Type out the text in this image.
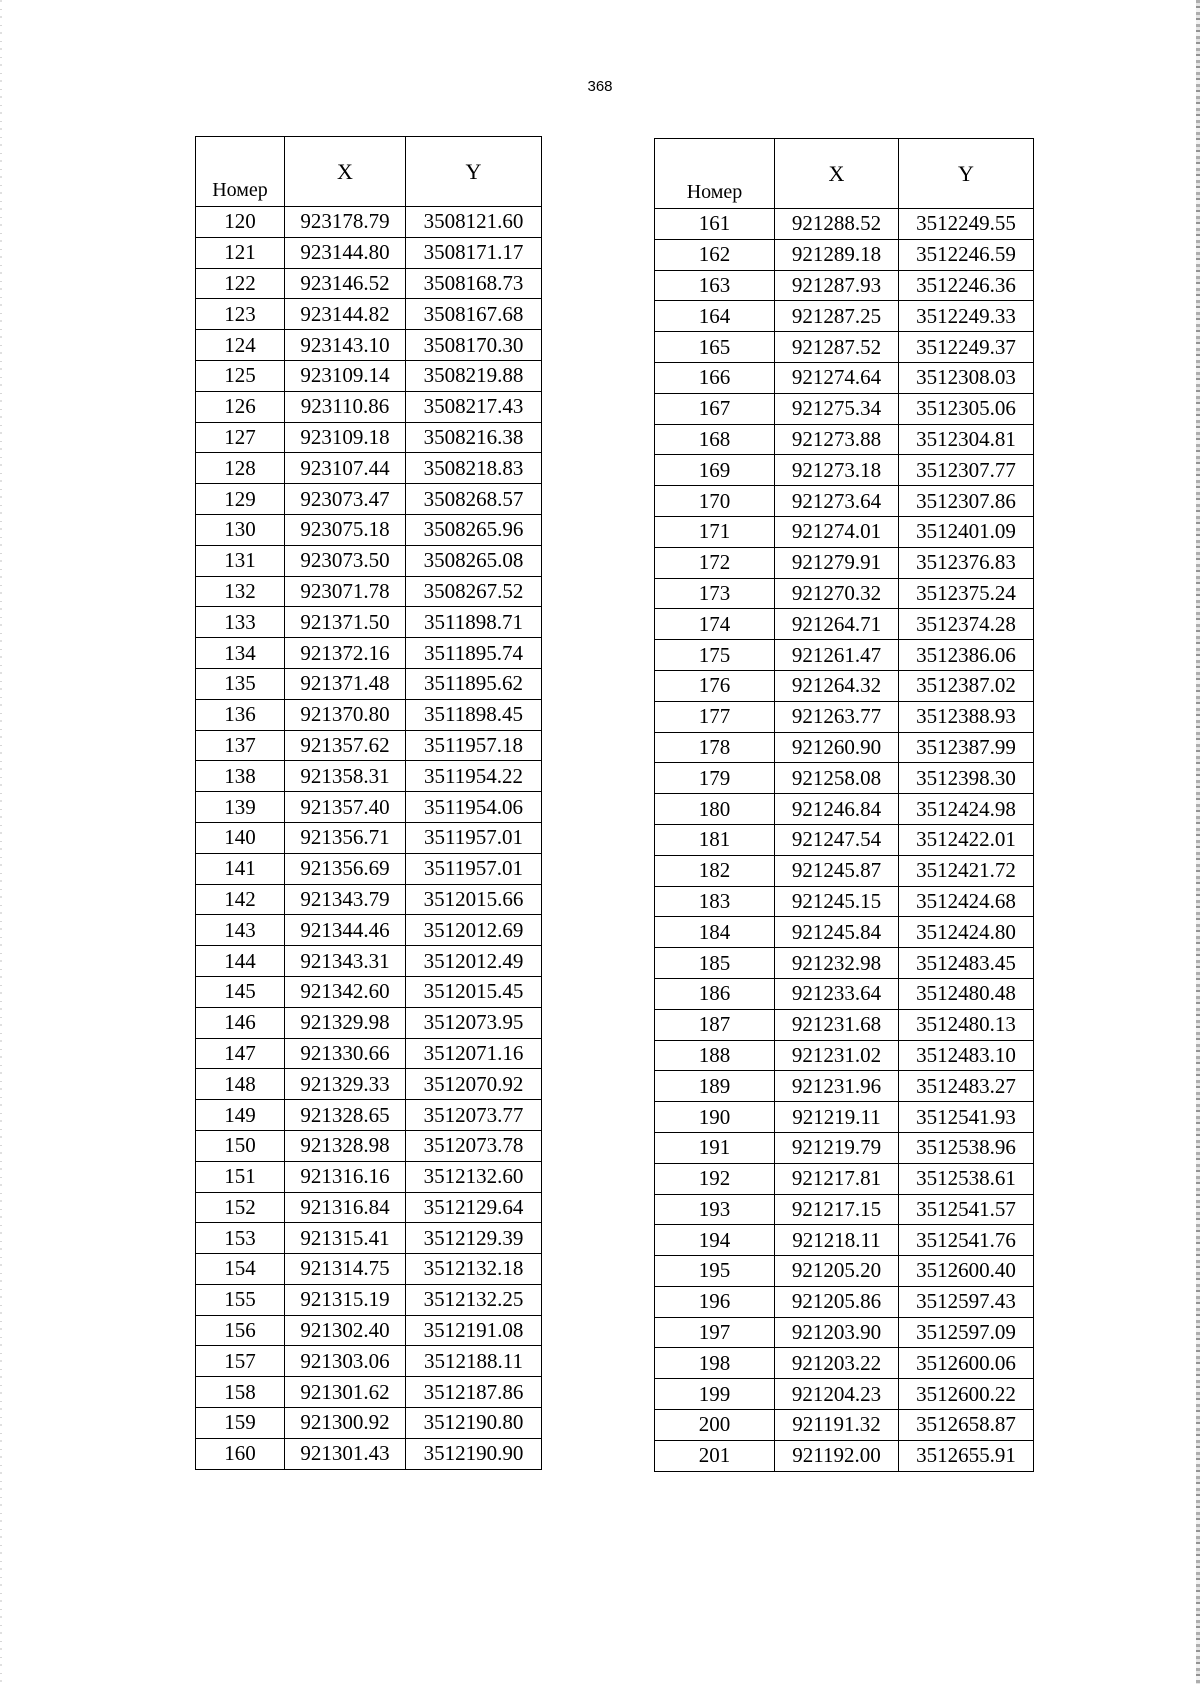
368
Номер	X	Y
120	923178.79	3508121.60
121	923144.80	3508171.17
122	923146.52	3508168.73
123	923144.82	3508167.68
124	923143.10	3508170.30
125	923109.14	3508219.88
126	923110.86	3508217.43
127	923109.18	3508216.38
128	923107.44	3508218.83
129	923073.47	3508268.57
130	923075.18	3508265.96
131	923073.50	3508265.08
132	923071.78	3508267.52
133	921371.50	3511898.71
134	921372.16	3511895.74
135	921371.48	3511895.62
136	921370.80	3511898.45
137	921357.62	3511957.18
138	921358.31	3511954.22
139	921357.40	3511954.06
140	921356.71	3511957.01
141	921356.69	3511957.01
142	921343.79	3512015.66
143	921344.46	3512012.69
144	921343.31	3512012.49
145	921342.60	3512015.45
146	921329.98	3512073.95
147	921330.66	3512071.16
148	921329.33	3512070.92
149	921328.65	3512073.77
150	921328.98	3512073.78
151	921316.16	3512132.60
152	921316.84	3512129.64
153	921315.41	3512129.39
154	921314.75	3512132.18
155	921315.19	3512132.25
156	921302.40	3512191.08
157	921303.06	3512188.11
158	921301.62	3512187.86
159	921300.92	3512190.80
160	921301.43	3512190.90
Номер	X	Y
161	921288.52	3512249.55
162	921289.18	3512246.59
163	921287.93	3512246.36
164	921287.25	3512249.33
165	921287.52	3512249.37
166	921274.64	3512308.03
167	921275.34	3512305.06
168	921273.88	3512304.81
169	921273.18	3512307.77
170	921273.64	3512307.86
171	921274.01	3512401.09
172	921279.91	3512376.83
173	921270.32	3512375.24
174	921264.71	3512374.28
175	921261.47	3512386.06
176	921264.32	3512387.02
177	921263.77	3512388.93
178	921260.90	3512387.99
179	921258.08	3512398.30
180	921246.84	3512424.98
181	921247.54	3512422.01
182	921245.87	3512421.72
183	921245.15	3512424.68
184	921245.84	3512424.80
185	921232.98	3512483.45
186	921233.64	3512480.48
187	921231.68	3512480.13
188	921231.02	3512483.10
189	921231.96	3512483.27
190	921219.11	3512541.93
191	921219.79	3512538.96
192	921217.81	3512538.61
193	921217.15	3512541.57
194	921218.11	3512541.76
195	921205.20	3512600.40
196	921205.86	3512597.43
197	921203.90	3512597.09
198	921203.22	3512600.06
199	921204.23	3512600.22
200	921191.32	3512658.87
201	921192.00	3512655.91
